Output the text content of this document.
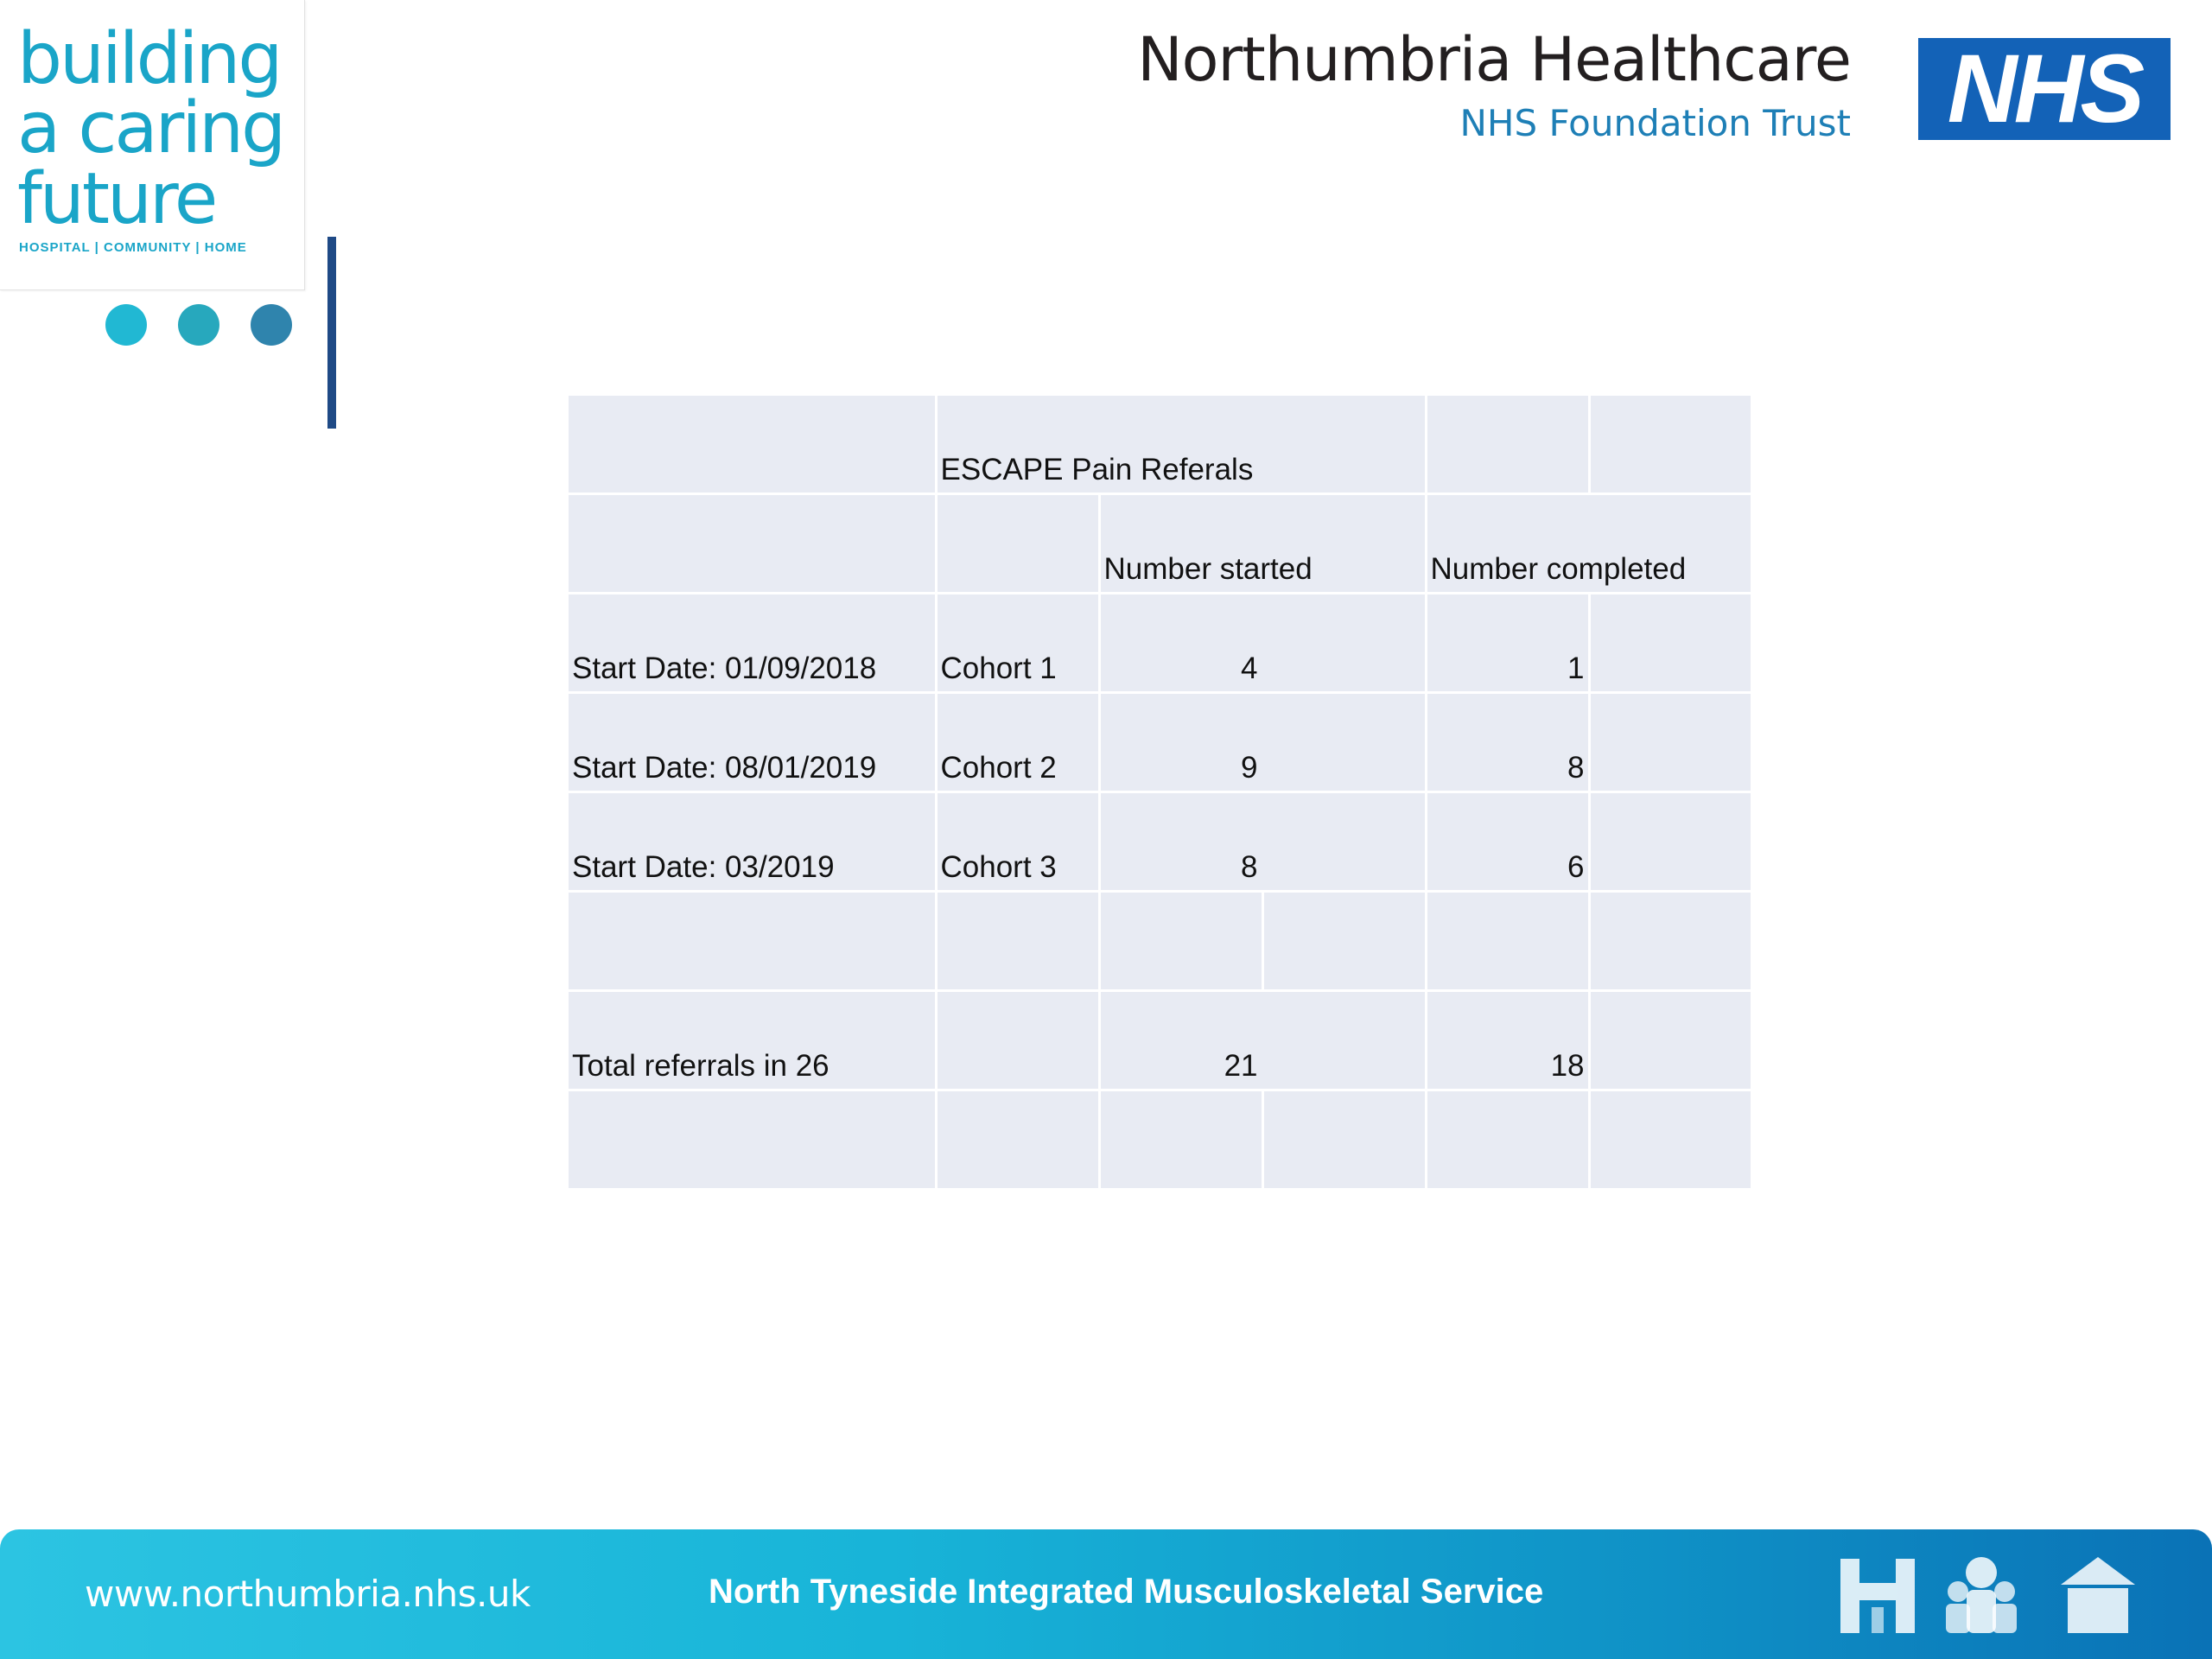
building
a caring
future
HOSPITAL | COMMUNITY | HOME
Northumbria Healthcare
NHS Foundation Trust NHS
	ESCAPE Pain Referals				
		Number started		Number completed	
Start Date: 01/09/2018	Cohort 1	4		1	
Start Date: 08/01/2019	Cohort 2	9		8	
Start Date: 03/2019	Cohort 3	8		6	

Total referrals in 26		21		18	

www.northumbria.nhs.uk	North Tyneside Integrated Musculoskeletal Service
